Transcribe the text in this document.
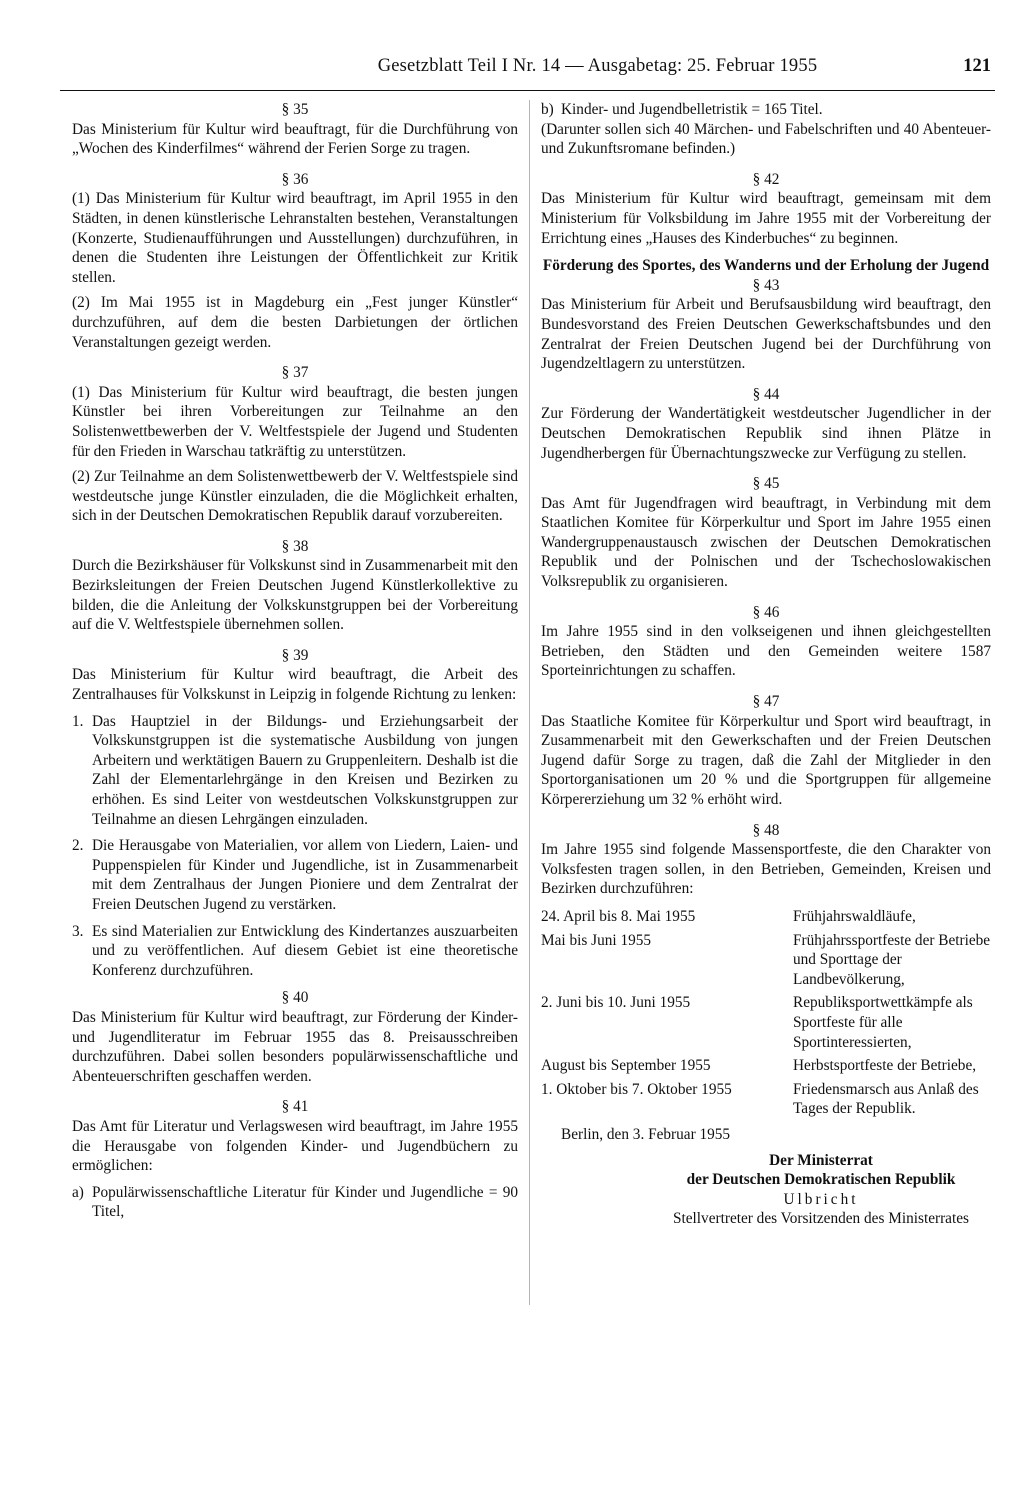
Gesetzblatt Teil I Nr. 14 — Ausgabetag: 25. Februar 1955	121

§ 35

Das Ministerium für Kultur wird beauftragt, für die Durchführung von „Wochen des Kinderfilmes“ während der Ferien Sorge zu tragen.

§ 36

(1) Das Ministerium für Kultur wird beauftragt, im April 1955 in den Städten, in denen künstlerische Lehranstalten bestehen, Veranstaltungen (Konzerte, Studienaufführungen und Ausstellungen) durchzuführen, in denen die Studenten ihre Leistungen der Öffentlichkeit zur Kritik stellen.

(2) Im Mai 1955 ist in Magdeburg ein „Fest junger Künstler“ durchzuführen, auf dem die besten Darbietungen der örtlichen Veranstaltungen gezeigt werden.

§ 37

(1) Das Ministerium für Kultur wird beauftragt, die besten jungen Künstler bei ihren Vorbereitungen zur Teilnahme an den Solistenwettbewerben der V. Weltfestspiele der Jugend und Studenten für den Frieden in Warschau tatkräftig zu unterstützen.

(2) Zur Teilnahme an dem Solistenwettbewerb der V. Weltfestspiele sind westdeutsche junge Künstler einzuladen, die die Möglichkeit erhalten, sich in der Deutschen Demokratischen Republik darauf vorzubereiten.

§ 38

Durch die Bezirkshäuser für Volkskunst sind in Zusammenarbeit mit den Bezirksleitungen der Freien Deutschen Jugend Künstlerkollektive zu bilden, die die Anleitung der Volkskunstgruppen bei der Vorbereitung auf die V. Weltfestspiele übernehmen sollen.

§ 39

Das Ministerium für Kultur wird beauftragt, die Arbeit des Zentralhauses für Volkskunst in Leipzig in folgende Richtung zu lenken:

1. Das Hauptziel in der Bildungs- und Erziehungsarbeit der Volkskunstgruppen ist die systematische Ausbildung von jungen Arbeitern und werktätigen Bauern zu Gruppenleitern. Deshalb ist die Zahl der Elementarlehrgänge in den Kreisen und Bezirken zu erhöhen. Es sind Leiter von westdeutschen Volkskunstgruppen zur Teilnahme an diesen Lehrgängen einzuladen.
2. Die Herausgabe von Materialien, vor allem von Liedern, Laien- und Puppenspielen für Kinder und Jugendliche, ist in Zusammenarbeit mit dem Zentralhaus der Jungen Pioniere und dem Zentralrat der Freien Deutschen Jugend zu verstärken.
3. Es sind Materialien zur Entwicklung des Kindertanzes auszuarbeiten und zu veröffentlichen. Auf diesem Gebiet ist eine theoretische Konferenz durchzuführen.

§ 40

Das Ministerium für Kultur wird beauftragt, zur Förderung der Kinder- und Jugendliteratur im Februar 1955 das 8. Preisausschreiben durchzuführen. Dabei sollen besonders populärwissenschaftliche und Abenteuerschriften geschaffen werden.

§ 41

Das Amt für Literatur und Verlagswesen wird beauftragt, im Jahre 1955 die Herausgabe von folgenden Kinder- und Jugendbüchern zu ermöglichen:

a) Populärwissenschaftliche Literatur für Kinder und Jugendliche = 90 Titel,
b) Kinder- und Jugendbelletristik = 165 Titel.

(Darunter sollen sich 40 Märchen- und Fabelschriften und 40 Abenteuer- und Zukunftsromane befinden.)

§ 42

Das Ministerium für Kultur wird beauftragt, gemeinsam mit dem Ministerium für Volksbildung im Jahre 1955 mit der Vorbereitung der Errichtung eines „Hauses des Kinderbuches“ zu beginnen.

Förderung des Sportes, des Wanderns und der Erholung der Jugend

§ 43

Das Ministerium für Arbeit und Berufsausbildung wird beauftragt, den Bundesvorstand des Freien Deutschen Gewerkschaftsbundes und den Zentralrat der Freien Deutschen Jugend bei der Durchführung von Jugendzeltlagern zu unterstützen.

§ 44

Zur Förderung der Wandertätigkeit westdeutscher Jugendlicher in der Deutschen Demokratischen Republik sind ihnen Plätze in Jugendherbergen für Übernachtungszwecke zur Verfügung zu stellen.

§ 45

Das Amt für Jugendfragen wird beauftragt, in Verbindung mit dem Staatlichen Komitee für Körperkultur und Sport im Jahre 1955 einen Wandergruppenaustausch zwischen der Deutschen Demokratischen Republik und der Polnischen und der Tschechoslowakischen Volksrepublik zu organisieren.

§ 46

Im Jahre 1955 sind in den volkseigenen und ihnen gleichgestellten Betrieben, den Städten und den Gemeinden weitere 1587 Sporteinrichtungen zu schaffen.

§ 47

Das Staatliche Komitee für Körperkultur und Sport wird beauftragt, in Zusammenarbeit mit den Gewerkschaften und der Freien Deutschen Jugend dafür Sorge zu tragen, daß die Zahl der Mitglieder in den Sportorganisationen um 20 % und die Sportgruppen für allgemeine Körpererziehung um 32 % erhöht wird.

§ 48

Im Jahre 1955 sind folgende Massensportfeste, die den Charakter von Volksfesten tragen sollen, in den Betrieben, Gemeinden, Kreisen und Bezirken durchzuführen:

24. April bis 8. Mai 1955	Frühjahrswaldläufe,
Mai bis Juni 1955	Frühjahrssportfeste der Betriebe und Sporttage der Landbevölkerung,
2. Juni bis 10. Juni 1955	Republiksportwettkämpfe als Sportfeste für alle Sportinteressierten,
August bis September 1955	Herbstsportfeste der Betriebe,
1. Oktober bis 7. Oktober 1955	Friedensmarsch aus Anlaß des Tages der Republik.

Berlin, den 3. Februar 1955

Der Ministerrat

der Deutschen Demokratischen Republik

Ulbricht

Stellvertreter des Vorsitzenden des Ministerrates
